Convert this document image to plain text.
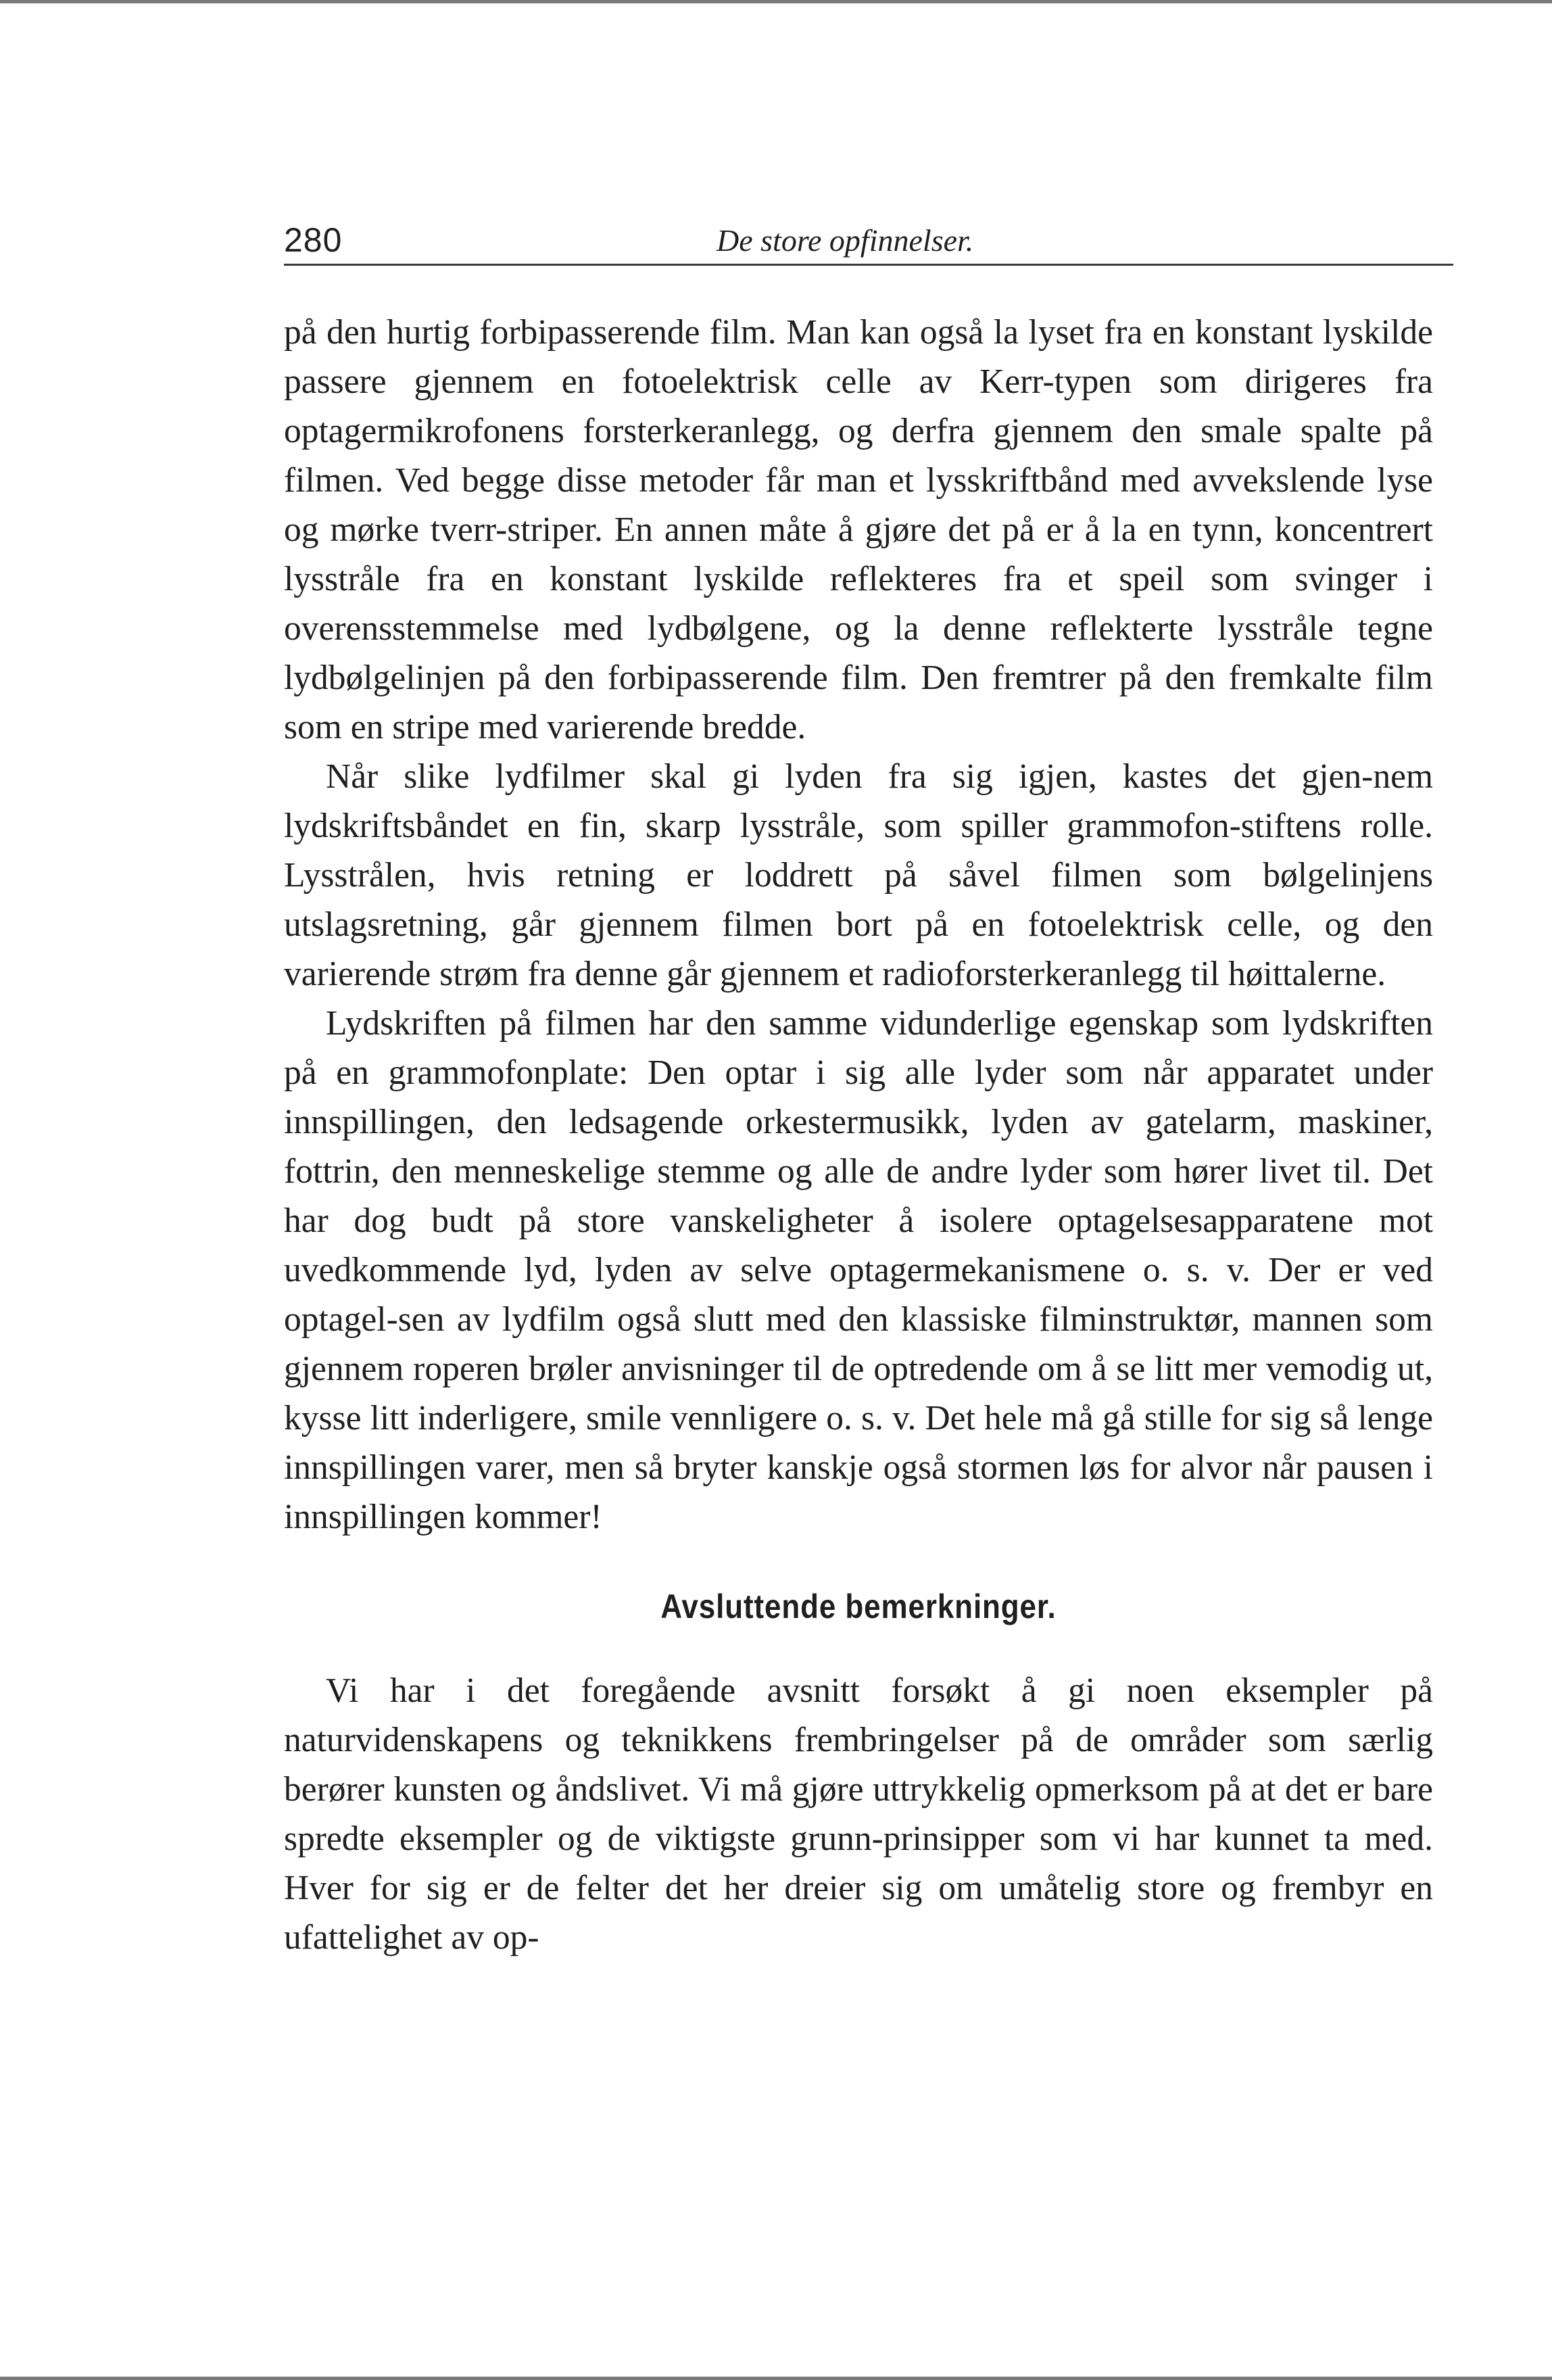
280	De store opfinnelser.

på den hurtig forbipasserende film. Man kan også la lyset fra en konstant lyskilde passere gjennem en fotoelektrisk celle av Kerr-typen som dirigeres fra optagermikrofonens forsterkeranlegg, og derfra gjennem den smale spalte på filmen. Ved begge disse metoder får man et lysskriftbånd med avvekslende lyse og mørke tverr-striper. En annen måte å gjøre det på er å la en tynn, koncentrert lysstråle fra en konstant lyskilde reflekteres fra et speil som svinger i overensstemmelse med lydbølgene, og la denne reflekterte lysstråle tegne lydbølgelinjen på den forbipasserende film. Den fremtrer på den fremkalte film som en stripe med varierende bredde.

Når slike lydfilmer skal gi lyden fra sig igjen, kastes det gjen-nem lydskriftsbåndet en fin, skarp lysstråle, som spiller grammofon-stiftens rolle. Lysstrålen, hvis retning er loddrett på såvel filmen som bølgelinjens utslagsretning, går gjennem filmen bort på en fotoelektrisk celle, og den varierende strøm fra denne går gjennem et radioforsterkeranlegg til høittalerne.

Lydskriften på filmen har den samme vidunderlige egenskap som lydskriften på en grammofonplate: Den optar i sig alle lyder som når apparatet under innspillingen, den ledsagende orkestermusikk, lyden av gatelarm, maskiner, fottrin, den menneskelige stemme og alle de andre lyder som hører livet til. Det har dog budt på store vanskeligheter å isolere optagelsesapparatene mot uvedkommende lyd, lyden av selve optagermekanismene o. s. v. Der er ved optagel-sen av lydfilm også slutt med den klassiske filminstruktør, mannen som gjennem roperen brøler anvisninger til de optredende om å se litt mer vemodig ut, kysse litt inderligere, smile vennligere o. s. v. Det hele må gå stille for sig så lenge innspillingen varer, men så bryter kanskje også stormen løs for alvor når pausen i innspillingen kommer!

Avsluttende bemerkninger.

Vi har i det foregående avsnitt forsøkt å gi noen eksempler på naturvidenskapens og teknikkens frembringelser på de områder som særlig berører kunsten og åndslivet. Vi må gjøre uttrykkelig opmerksom på at det er bare spredte eksempler og de viktigste grunn-prinsipper som vi har kunnet ta med. Hver for sig er de felter det her dreier sig om umåtelig store og frembyr en ufattelighet av op-
